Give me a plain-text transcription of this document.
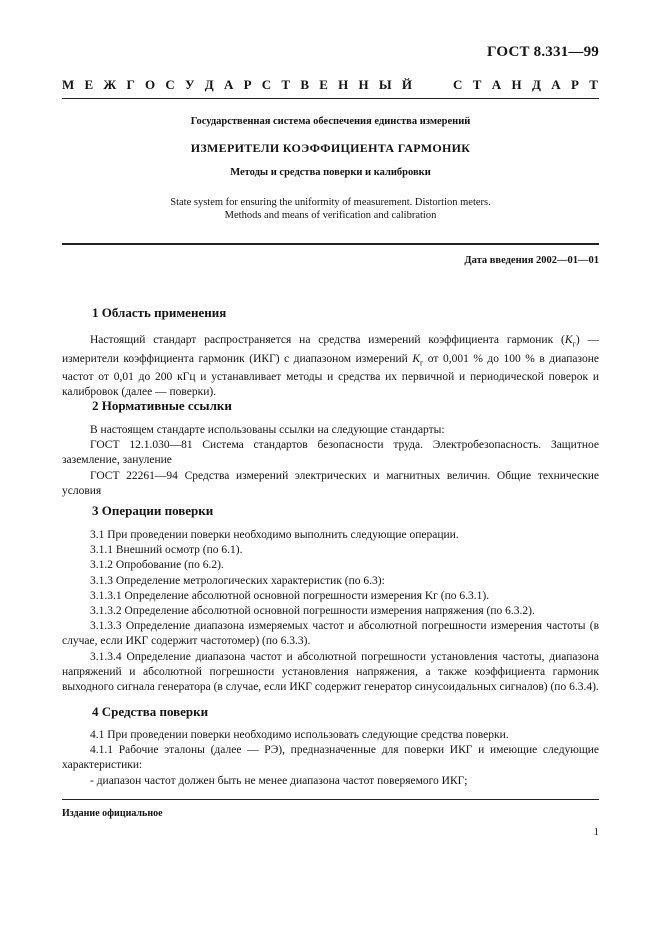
ГОСТ 8.331—99
М Е Ж Г О С У Д А Р С Т В Е Н Н Ы Й	С Т А Н Д А Р Т
Государственная система обеспечения единства измерений
ИЗМЕРИТЕЛИ КОЭФФИЦИЕНТА ГАРМОНИК
Методы и средства поверки и калибровки
State system for ensuring the uniformity of measurement. Distortion meters.
Methods and means of verification and calibration
Дата введения 2002—01—01
1 Область применения

Настоящий стандарт распространяется на средства измерений коэффициента гармоник $(K_г)$ — измерители коэффициента гармоник (ИКГ) с диапазоном измерений $K_г$ от 0,001 % до 100 % в диапазоне частот от 0,01 до 200 кГц и устанавливает методы и средства их первичной и периодической поверок и калибровок (далее — поверки).

2 Нормативные ссылки

В настоящем стандарте использованы ссылки на следующие стандарты:

ГОСТ 12.1.030—81 Система стандартов безопасности труда. Электробезопасность. Защитное заземление, зануление

ГОСТ 22261—94 Средства измерений электрических и магнитных величин. Общие технические условия

3 Операции поверки

3.1 При проведении поверки необходимо выполнить следующие операции.

3.1.1 Внешний осмотр (по 6.1).

3.1.2 Опробование (по 6.2).

3.1.3 Определение метрологических характеристик (по 6.3):

3.1.3.1 Определение абсолютной основной погрешности измерения Kг (по 6.3.1).

3.1.3.2 Определение абсолютной основной погрешности измерения напряжения (по 6.3.2).

3.1.3.3 Определение диапазона измеряемых частот и абсолютной погрешности измерения частоты (в случае, если ИКГ содержит частотомер) (по 6.3.3).

3.1.3.4 Определение диапазона частот и абсолютной погрешности установления частоты, диапазона напряжений и абсолютной погрешности установления напряжения, а также коэффициента гармоник выходного сигнала генератора (в случае, если ИКГ содержит генератор синусоидальных сигналов) (по 6.3.4).

4 Средства поверки

4.1 При проведении поверки необходимо использовать следующие средства поверки.

4.1.1 Рабочие эталоны (далее — РЭ), предназначенные для поверки ИКГ и имеющие следующие характеристики:

- диапазон частот должен быть не менее диапазона частот поверяемого ИКГ;

Издание официальное
1
